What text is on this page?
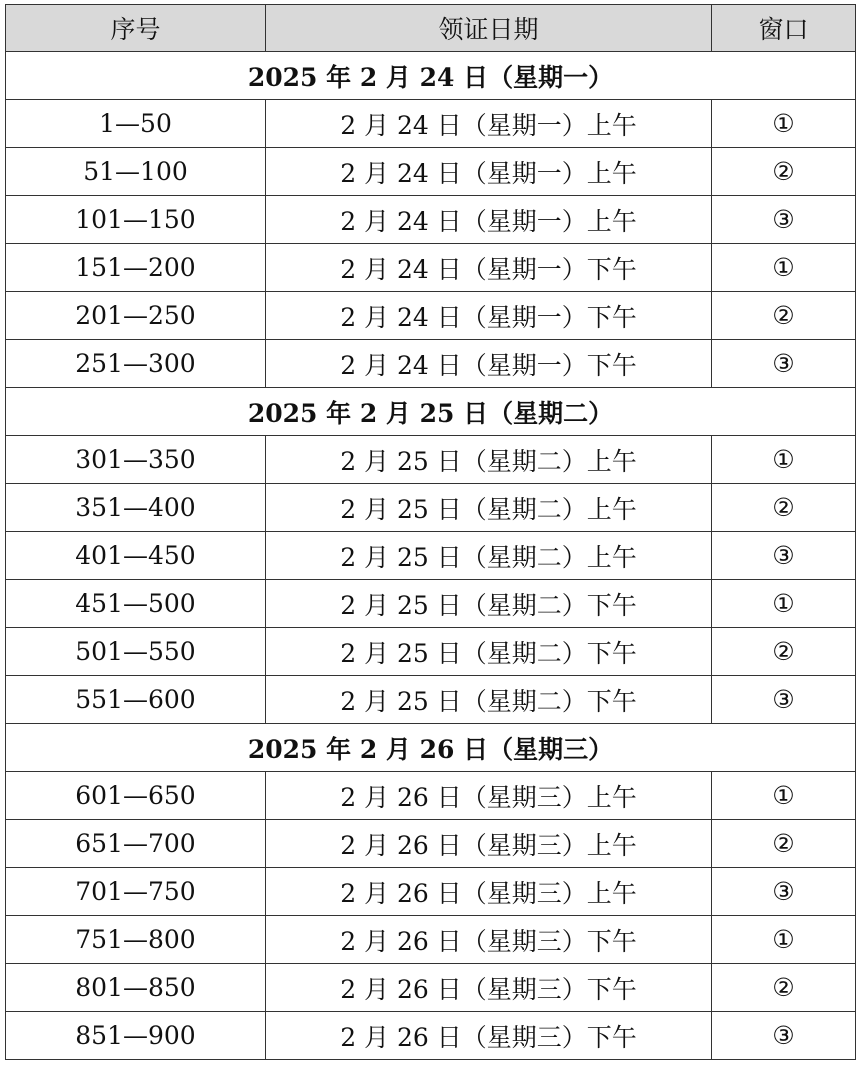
序号	领证日期	窗口
2025 年 2 月 24 日（星期一）		
1—50	2 月 24 日（星期一）上午	①
51—100	2 月 24 日（星期一）上午	②
101—150	2 月 24 日（星期一）上午	③
151—200	2 月 24 日（星期一）下午	①
201—250	2 月 24 日（星期一）下午	②
251—300	2 月 24 日（星期一）下午	③
2025 年 2 月 25 日（星期二）		
301—350	2 月 25 日（星期二）上午	①
351—400	2 月 25 日（星期二）上午	②
401—450	2 月 25 日（星期二）上午	③
451—500	2 月 25 日（星期二）下午	①
501—550	2 月 25 日（星期二）下午	②
551—600	2 月 25 日（星期二）下午	③
2025 年 2 月 26 日（星期三）		
601—650	2 月 26 日（星期三）上午	①
651—700	2 月 26 日（星期三）上午	②
701—750	2 月 26 日（星期三）上午	③
751—800	2 月 26 日（星期三）下午	①
801—850	2 月 26 日（星期三）下午	②
851—900	2 月 26 日（星期三）下午	③
